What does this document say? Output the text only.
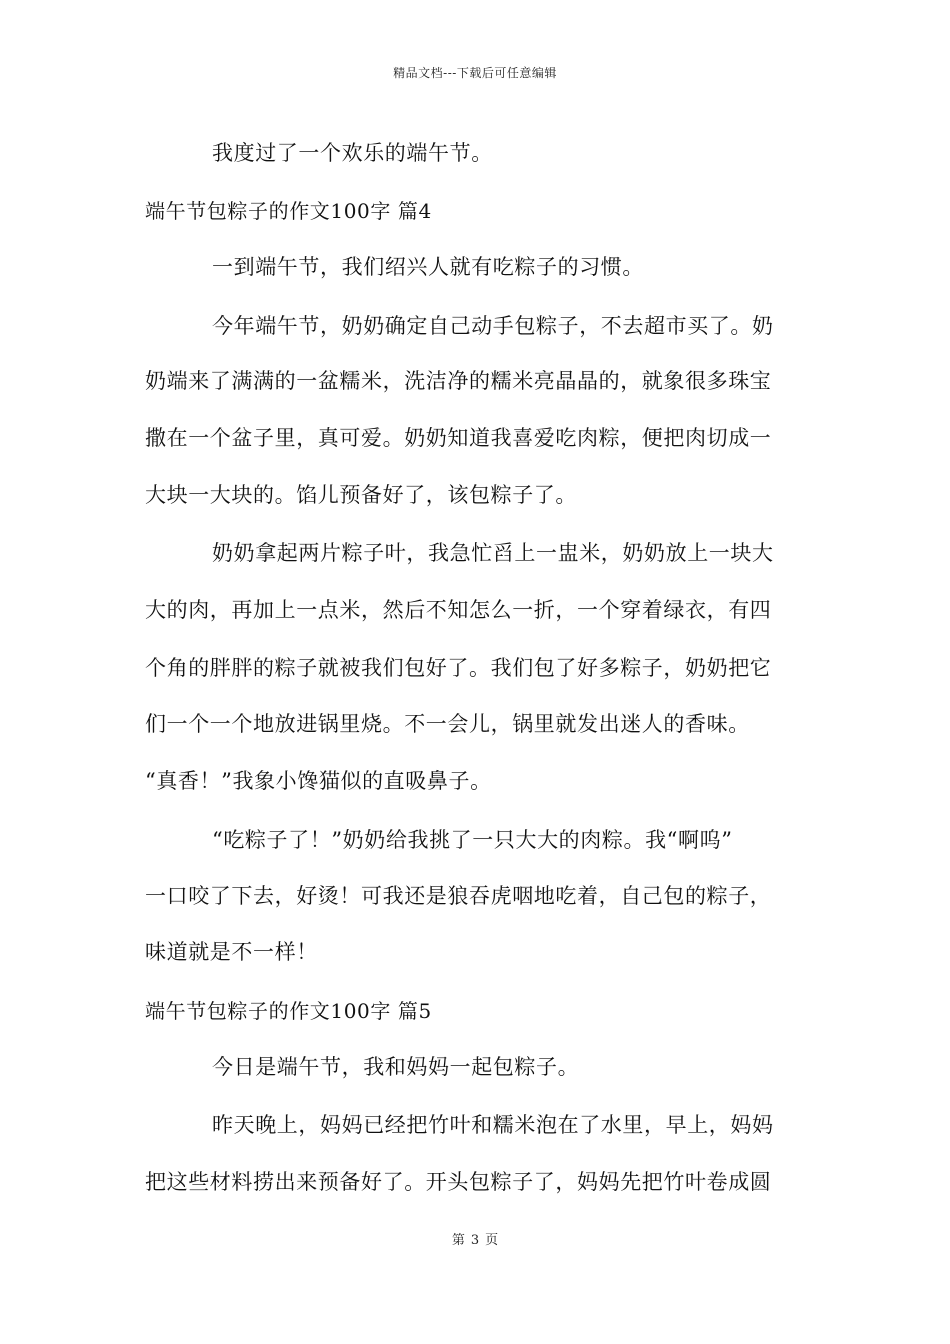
精品文档---下载后可任意编辑
我度过了一个欢乐的端午节。
端午节包粽子的作文100字 篇4
一到端午节，我们绍兴人就有吃粽子的习惯。
今年端午节，奶奶确定自己动手包粽子，不去超市买了。奶
奶端来了满满的一盆糯米，洗洁净的糯米亮晶晶的，就象很多珠宝
撒在一个盆子里，真可爱。奶奶知道我喜爱吃肉粽，便把肉切成一
大块一大块的。馅儿预备好了，该包粽子了。
奶奶拿起两片粽子叶，我急忙舀上一盅米，奶奶放上一块大
大的肉，再加上一点米，然后不知怎么一折，一个穿着绿衣，有四
个角的胖胖的粽子就被我们包好了。我们包了好多粽子，奶奶把它
们一个一个地放进锅里烧。不一会儿，锅里就发出迷人的香味。
“真香！”我象小馋猫似的直吸鼻子。
“吃粽子了！”奶奶给我挑了一只大大的肉粽。我“啊呜”
一口咬了下去，好烫！可我还是狼吞虎咽地吃着，自己包的粽子，
味道就是不一样！
端午节包粽子的作文100字 篇5
今日是端午节，我和妈妈一起包粽子。
昨天晚上，妈妈已经把竹叶和糯米泡在了水里，早上，妈妈
把这些材料捞出来预备好了。开头包粽子了，妈妈先把竹叶卷成圆
第 3 页
